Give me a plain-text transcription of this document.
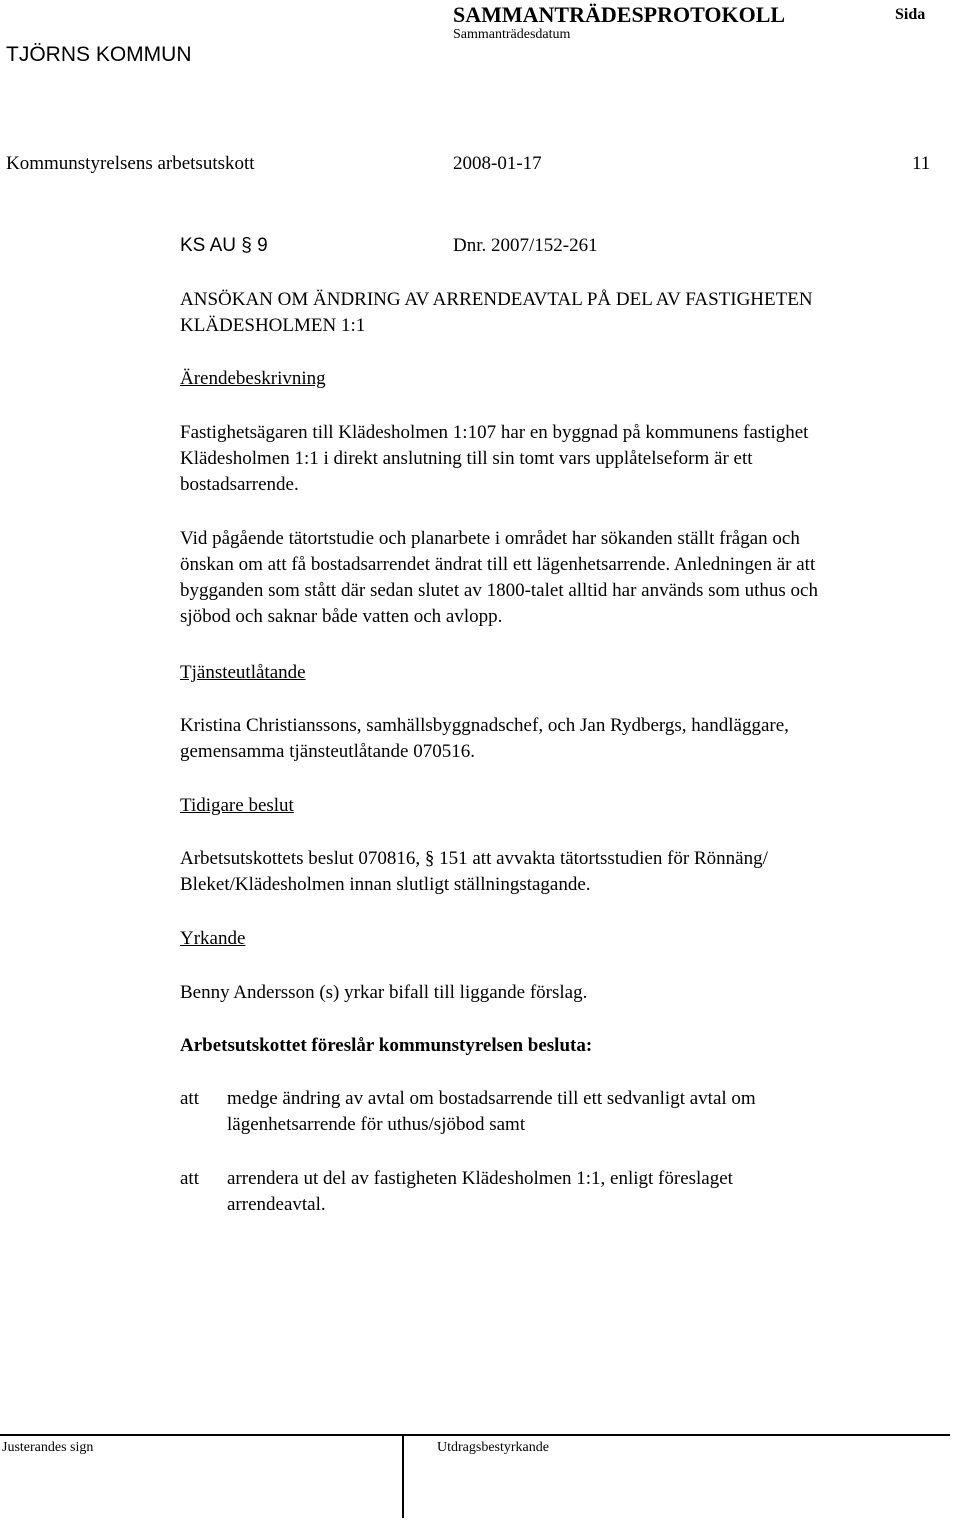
TJÖRNS KOMMUN
SAMMANTRÄDESPROTOKOLL	Sida
Sammanträdesdatum
Kommunstyrelsens arbetsutskott	2008-01-17	11
KS AU § 9	Dnr. 2007/152-261
ANSÖKAN OM ÄNDRING AV ARRENDEAVTAL PÅ DEL AV FASTIGHETEN
KLÄDESHOLMEN 1:1
Ärendebeskrivning
Fastighetsägaren till Klädesholmen 1:107 har en byggnad på kommunens fastighet
Klädesholmen 1:1 i direkt anslutning till sin tomt vars upplåtelseform är ett
bostadsarrende.
Vid pågående tätortstudie och planarbete i området har sökanden ställt frågan och
önskan om att få bostadsarrendet ändrat till ett lägenhetsarrende. Anledningen är att
bygganden som stått där sedan slutet av 1800-talet alltid har används som uthus och
sjöbod och saknar både vatten och avlopp.
Tjänsteutlåtande
Kristina Christianssons, samhällsbyggnadschef, och Jan Rydbergs, handläggare,
gemensamma tjänsteutlåtande 070516.
Tidigare beslut
Arbetsutskottets beslut 070816, § 151 att avvakta tätortsstudien för Rönnäng/
Bleket/Klädesholmen innan slutligt ställningstagande.
Yrkande
Benny Andersson (s) yrkar bifall till liggande förslag.
Arbetsutskottet föreslår kommunstyrelsen besluta:
att medge ändring av avtal om bostadsarrende till ett sedvanligt avtal om
lägenhetsarrende för uthus/sjöbod samt
att arrendera ut del av fastigheten Klädesholmen 1:1, enligt föreslaget
arrendeavtal.
Justerandes sign	Utdragsbestyrkande
